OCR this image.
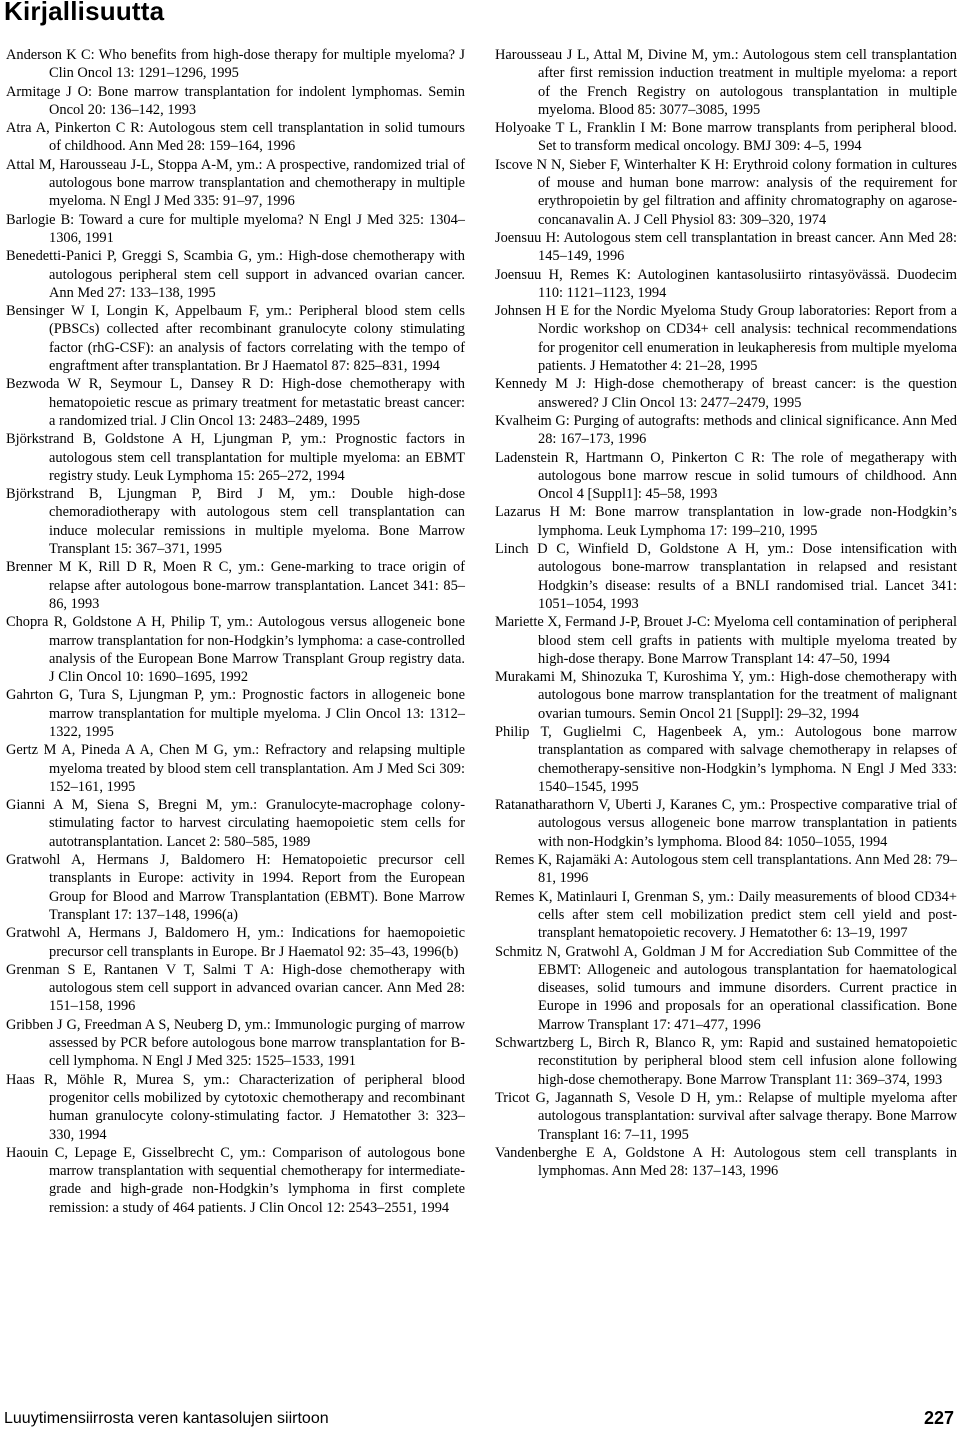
Kirjallisuutta

Anderson K C: Who benefits from high-dose therapy for multiple myeloma? J Clin Oncol 13: 1291–1296, 1995

Armitage J O: Bone marrow transplantation for indolent lymphomas. Semin Oncol 20: 136–142, 1993

Atra A, Pinkerton C R: Autologous stem cell transplantation in solid tumours of childhood. Ann Med 28: 159–164, 1996

Attal M, Harousseau J-L, Stoppa A-M, ym.: A prospective, randomized trial of autologous bone marrow transplantation and chemotherapy in multiple myeloma. N Engl J Med 335: 91–97, 1996

Barlogie B: Toward a cure for multiple myeloma? N Engl J Med 325: 1304–1306, 1991

Benedetti-Panici P, Greggi S, Scambia G, ym.: High-dose chemotherapy with autologous peripheral stem cell support in advanced ovarian cancer. Ann Med 27: 133–138, 1995

Bensinger W I, Longin K, Appelbaum F, ym.: Peripheral blood stem cells (PBSCs) collected after recombinant granulocyte colony stimulating factor (rhG-CSF): an analysis of factors correlating with the tempo of engraftment after transplantation. Br J Haematol 87: 825–831, 1994

Bezwoda W R, Seymour L, Dansey R D: High-dose chemotherapy with hematopoietic rescue as primary treatment for metastatic breast cancer: a randomized trial. J Clin Oncol 13: 2483–2489, 1995

Björkstrand B, Goldstone A H, Ljungman P, ym.: Prognostic factors in autologous stem cell transplantation for multiple myeloma: an EBMT registry study. Leuk Lymphoma 15: 265–272, 1994

Björkstrand B, Ljungman P, Bird J M, ym.: Double high-dose chemoradiotherapy with autologous stem cell transplantation can induce molecular remissions in multiple myeloma. Bone Marrow Transplant 15: 367–371, 1995

Brenner M K, Rill D R, Moen R C, ym.: Gene-marking to trace origin of relapse after autologous bone-marrow transplantation. Lancet 341: 85–86, 1993

Chopra R, Goldstone A H, Philip T, ym.: Autologous versus allogeneic bone marrow transplantation for non-Hodgkin’s lymphoma: a case-controlled analysis of the European Bone Marrow Transplant Group registry data. J Clin Oncol 10: 1690–1695, 1992

Gahrton G, Tura S, Ljungman P, ym.: Prognostic factors in allogeneic bone marrow transplantation for multiple myeloma. J Clin Oncol 13: 1312–1322, 1995

Gertz M A, Pineda A A, Chen M G, ym.: Refractory and relapsing multiple myeloma treated by blood stem cell transplantation. Am J Med Sci 309: 152–161, 1995

Gianni A M, Siena S, Bregni M, ym.: Granulocyte-macrophage colony-stimulating factor to harvest circulating haemopoietic stem cells for autotransplantation. Lancet 2: 580–585, 1989

Gratwohl A, Hermans J, Baldomero H: Hematopoietic precursor cell transplants in Europe: activity in 1994. Report from the European Group for Blood and Marrow Transplantation (EBMT). Bone Marrow Transplant 17: 137–148, 1996(a)

Gratwohl A, Hermans J, Baldomero H, ym.: Indications for haemopoietic precursor cell transplants in Europe. Br J Haematol 92: 35–43, 1996(b)

Grenman S E, Rantanen V T, Salmi T A: High-dose chemotherapy with autologous stem cell support in advanced ovarian cancer. Ann Med 28: 151–158, 1996

Gribben J G, Freedman A S, Neuberg D, ym.: Immunologic purging of marrow assessed by PCR before autologous bone marrow transplantation for B-cell lymphoma. N Engl J Med 325: 1525–1533, 1991

Haas R, Möhle R, Murea S, ym.: Characterization of peripheral blood progenitor cells mobilized by cytotoxic chemotherapy and recombinant human granulocyte colony-stimulating factor. J Hematother 3: 323–330, 1994

Haouin C, Lepage E, Gisselbrecht C, ym.: Comparison of autologous bone marrow transplantation with sequential chemotherapy for intermediate-grade and high-grade non-Hodgkin’s lymphoma in first complete remission: a study of 464 patients. J Clin Oncol 12: 2543–2551, 1994

Harousseau J L, Attal M, Divine M, ym.: Autologous stem cell transplantation after first remission induction treatment in multiple myeloma: a report of the French Registry on autologous transplantation in multiple myeloma. Blood 85: 3077–3085, 1995

Holyoake T L, Franklin I M: Bone marrow transplants from peripheral blood. Set to transform medical oncology. BMJ 309: 4–5, 1994

Iscove N N, Sieber F, Winterhalter K H: Erythroid colony formation in cultures of mouse and human bone marrow: analysis of the requirement for erythropoietin by gel filtration and affinity chromatography on agarose-concanavalin A. J Cell Physiol 83: 309–320, 1974

Joensuu H: Autologous stem cell transplantation in breast cancer. Ann Med 28: 145–149, 1996

Joensuu H, Remes K: Autologinen kantasolusiirto rintasyövässä. Duodecim 110: 1121–1123, 1994

Johnsen H E for the Nordic Myeloma Study Group laboratories: Report from a Nordic workshop on CD34+ cell analysis: technical recommendations for progenitor cell enumeration in leukapheresis from multiple myeloma patients. J Hematother 4: 21–28, 1995

Kennedy M J: High-dose chemotherapy of breast cancer: is the question answered? J Clin Oncol 13: 2477–2479, 1995

Kvalheim G: Purging of autografts: methods and clinical significance. Ann Med 28: 167–173, 1996

Ladenstein R, Hartmann O, Pinkerton C R: The role of megatherapy with autologous bone marrow rescue in solid tumours of childhood. Ann Oncol 4 [Suppl1]: 45–58, 1993

Lazarus H M: Bone marrow transplantation in low-grade non-Hodgkin’s lymphoma. Leuk Lymphoma 17: 199–210, 1995

Linch D C, Winfield D, Goldstone A H, ym.: Dose intensification with autologous bone-marrow transplantation in relapsed and resistant Hodgkin’s disease: results of a BNLI randomised trial. Lancet 341: 1051–1054, 1993

Mariette X, Fermand J-P, Brouet J-C: Myeloma cell contamination of peripheral blood stem cell grafts in patients with multiple myeloma treated by high-dose therapy. Bone Marrow Transplant 14: 47–50, 1994

Murakami M, Shinozuka T, Kuroshima Y, ym.: High-dose chemotherapy with autologous bone marrow transplantation for the treatment of malignant ovarian tumours. Semin Oncol 21 [Suppl]: 29–32, 1994

Philip T, Guglielmi C, Hagenbeek A, ym.: Autologous bone marrow transplantation as compared with salvage chemotherapy in relapses of chemotherapy-sensitive non-Hodgkin’s lymphoma. N Engl J Med 333: 1540–1545, 1995

Ratanatharathorn V, Uberti J, Karanes C, ym.: Prospective comparative trial of autologous versus allogeneic bone marrow transplantation in patients with non-Hodgkin’s lymphoma. Blood 84: 1050–1055, 1994

Remes K, Rajamäki A: Autologous stem cell transplantations. Ann Med 28: 79–81, 1996

Remes K, Matinlauri I, Grenman S, ym.: Daily measurements of blood CD34+ cells after stem cell mobilization predict stem cell yield and post-transplant hematopoietic recovery. J Hematother 6: 13–19, 1997

Schmitz N, Gratwohl A, Goldman J M for Accrediation Sub Committee of the EBMT: Allogeneic and autologous transplantation for haematological diseases, solid tumours and immune disorders. Current practice in Europe in 1996 and proposals for an operational classification. Bone Marrow Transplant 17: 471–477, 1996

Schwartzberg L, Birch R, Blanco R, ym: Rapid and sustained hematopoietic reconstitution by peripheral blood stem cell infusion alone following high-dose chemotherapy. Bone Marrow Transplant 11: 369–374, 1993

Tricot G, Jagannath S, Vesole D H, ym.: Relapse of multiple myeloma after autologous transplantation: survival after salvage therapy. Bone Marrow Transplant 16: 7–11, 1995

Vandenberghe E A, Goldstone A H: Autologous stem cell transplants in lymphomas. Ann Med 28: 137–143, 1996

Luuytimensiirrosta veren kantasolujen siirtoon	227
